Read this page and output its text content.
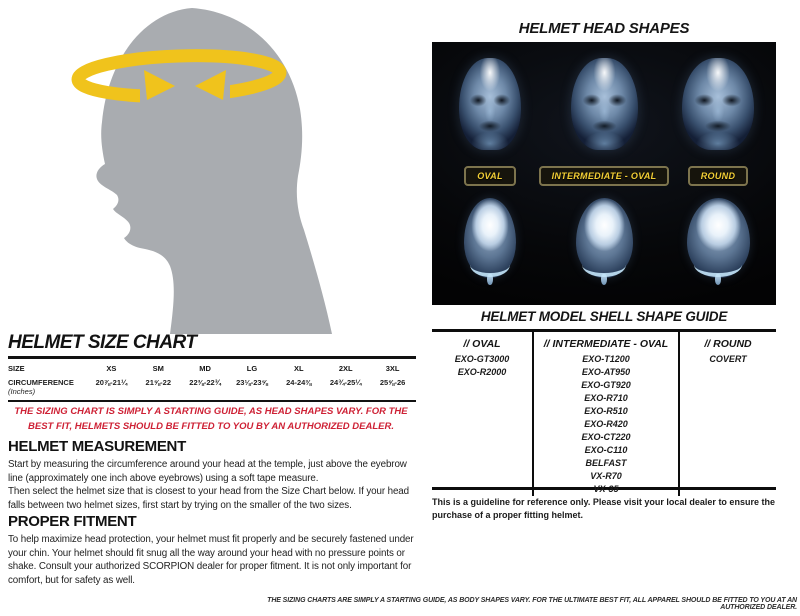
HELMET SIZE CHART
SIZE	XS	SM	MD	LG	XL	2XL	3XL
CIRCUMFERENCE
(Inches)
20⅞-21¼	21⅝-22	22⅜-22¾	23⅛-23⅝	24-24⅜	24¾-25¼	25⅝-26
THE SIZING CHART IS SIMPLY A STARTING GUIDE, AS HEAD SHAPES VARY. FOR THE BEST FIT, HELMETS SHOULD BE FITTED TO YOU BY AN AUTHORIZED DEALER.
HELMET MEASUREMENT

Start by measuring the circumference around your head at the temple, just above the eyebrow line (approximately one inch above eyebrows) using a soft tape measure.

Then select the helmet size that is closest to your head from the Size Chart below. If your head falls between two helmet sizes, first start by trying on the smaller of the two sizes.

PROPER FITMENT

To help maximize head protection, your helmet must fit properly and be securely fastened under your chin. Your helmet should fit snug all the way around your head with no pressure points or shake. Consult your authorized SCORPION dealer for proper fitment. It is not only important for comfort, but for safety as well.

HELMET HEAD SHAPES
OVAL	INTERMEDIATE - OVAL	ROUND
HELMET MODEL SHELL SHAPE GUIDE
// OVAL
EXO-GT3000
EXO-R2000
// INTERMEDIATE - OVAL
EXO-T1200
EXO-AT950
EXO-GT920
EXO-R710
EXO-R510
EXO-R420
EXO-CT220
EXO-C110
BELFAST
VX-R70
VX-35
// ROUND
COVERT
This is a guideline for reference only. Please visit your local dealer to ensure the purchase of a proper fitting helmet.
THE SIZING CHARTS ARE SIMPLY A STARTING GUIDE, AS BODY SHAPES VARY. FOR THE ULTIMATE BEST FIT, ALL APPAREL SHOULD BE FITTED TO YOU AT AN AUTHORIZED DEALER.
